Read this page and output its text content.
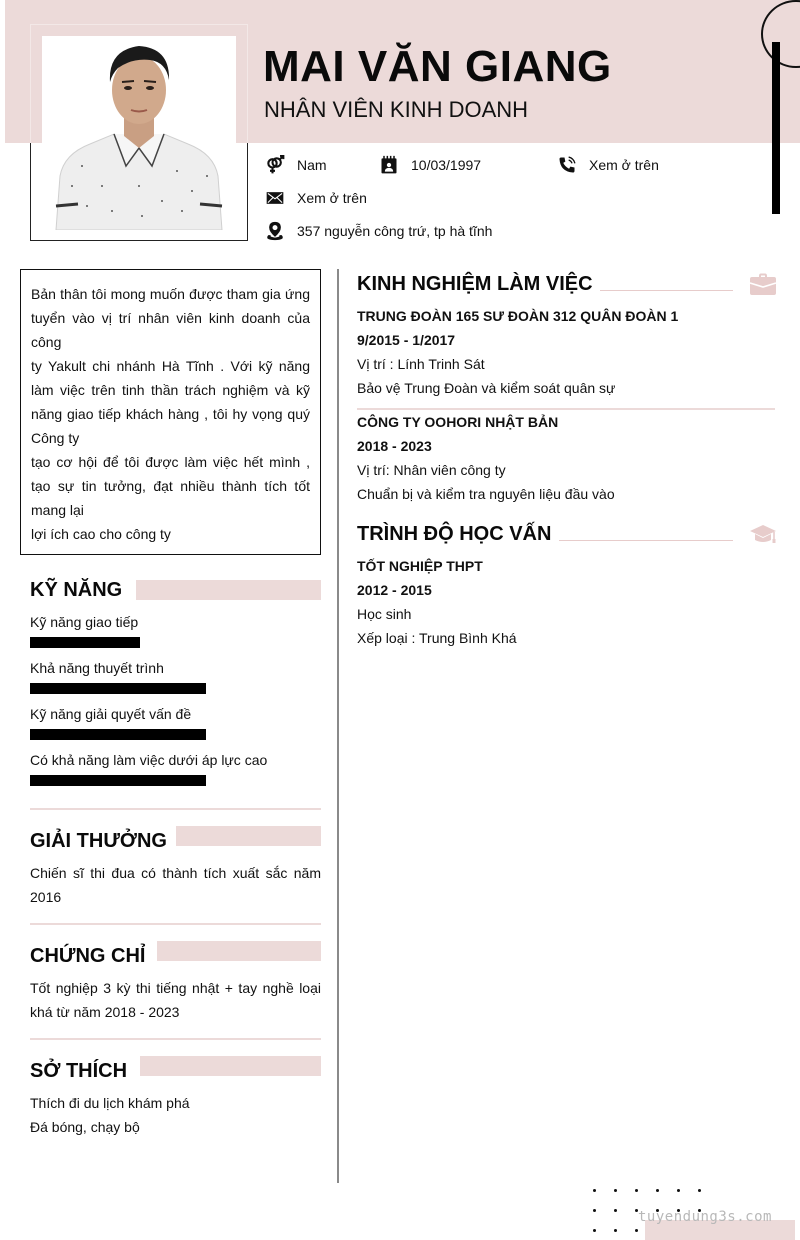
MAI VĂN GIANG
NHÂN VIÊN KINH DOANH
Nam	10/03/1997	Xem ở trên
Xem ở trên
357 nguyễn công trứ, tp hà tĩnh

Bản thân tôi mong muốn được tham gia ứng tuyển vào vị trí nhân viên kinh doanh của công

ty Yakult chi nhánh Hà Tĩnh . Với kỹ năng làm việc trên tinh thần trách nghiệm và kỹ năng giao tiếp khách hàng , tôi hy vọng quý Công ty

tạo cơ hội để tôi được làm việc hết mình , tạo sự tin tưởng, đạt nhiều thành tích tốt mang lại

lợi ích cao cho công ty

KỸ NĂNG
Kỹ năng giao tiếp
Khả năng thuyết trình
Kỹ năng giải quyết vấn đề
Có khả năng làm việc dưới áp lực cao
GIẢI THƯỞNG
Chiến sĩ thi đua có thành tích xuất sắc năm 2016
CHỨNG CHỈ
Tốt nghiệp 3 kỳ thi tiếng nhật + tay nghề loại khá từ năm 2018 - 2023
SỞ THÍCH
Thích đi du lịch khám phá
Đá bóng, chạy bộ
KINH NGHIỆM LÀM VIỆC
TRUNG ĐOÀN 165 SƯ ĐOÀN 312 QUÂN ĐOÀN 1
9/2015 - 1/2017
Vị trí : Lính Trinh Sát
Bảo vệ Trung Đoàn và kiểm soát quân sự
CÔNG TY OOHORI NHẬT BẢN
2018 - 2023
Vị trí: Nhân viên công ty
Chuẩn bị và kiểm tra nguyên liệu đầu vào
TRÌNH ĐỘ HỌC VẤN
TỐT NGHIỆP THPT
2012 - 2015
Học sinh
Xếp loại : Trung Bình Khá
tuyendung3s.com
